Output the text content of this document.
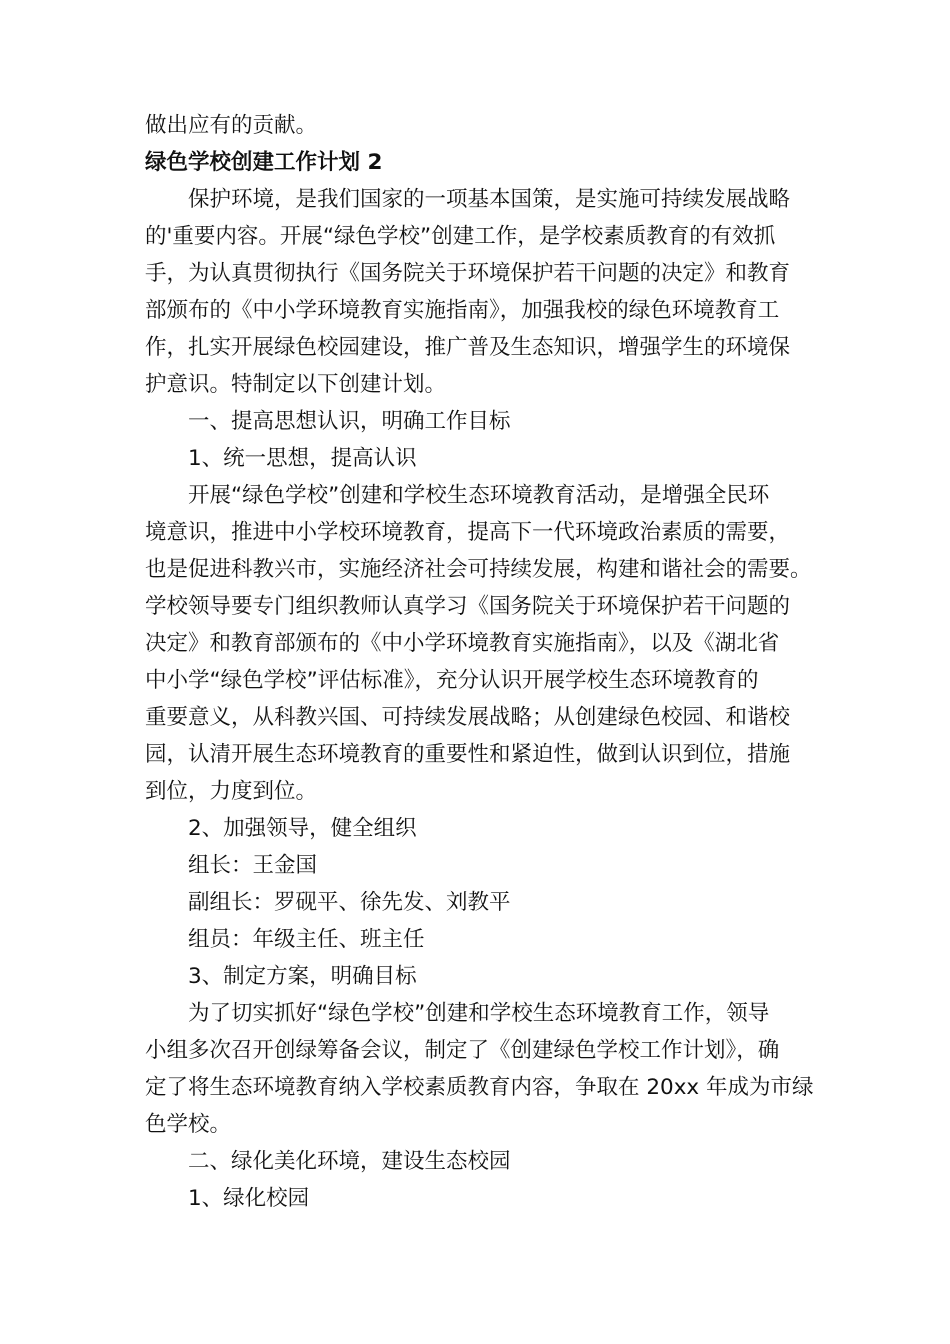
做出应有的贡献。
绿色学校创建工作计划 2
保护环境，是我们国家的一项基本国策，是实施可持续发展战略
的'重要内容。开展“绿色学校”创建工作，是学校素质教育的有效抓
手，为认真贯彻执行《国务院关于环境保护若干问题的决定》和教育
部颁布的《中小学环境教育实施指南》，加强我校的绿色环境教育工
作，扎实开展绿色校园建设，推广普及生态知识，增强学生的环境保
护意识。特制定以下创建计划。
一、提高思想认识，明确工作目标
1、统一思想，提高认识
开展“绿色学校”创建和学校生态环境教育活动，是增强全民环
境意识，推进中小学校环境教育，提高下一代环境政治素质的需要，
也是促进科教兴市，实施经济社会可持续发展，构建和谐社会的需要。
学校领导要专门组织教师认真学习《国务院关于环境保护若干问题的
决定》和教育部颁布的《中小学环境教育实施指南》，以及《湖北省
中小学“绿色学校”评估标准》，充分认识开展学校生态环境教育的
重要意义，从科教兴国、可持续发展战略；从创建绿色校园、和谐校
园，认清开展生态环境教育的重要性和紧迫性，做到认识到位，措施
到位，力度到位。
2、加强领导，健全组织
组长：王金国
副组长：罗砚平、徐先发、刘教平
组员：年级主任、班主任
3、制定方案，明确目标
为了切实抓好“绿色学校”创建和学校生态环境教育工作，领导
小组多次召开创绿筹备会议，制定了《创建绿色学校工作计划》，确
定了将生态环境教育纳入学校素质教育内容，争取在 20xx 年成为市绿
色学校。
二、绿化美化环境，建设生态校园
1、绿化校园
